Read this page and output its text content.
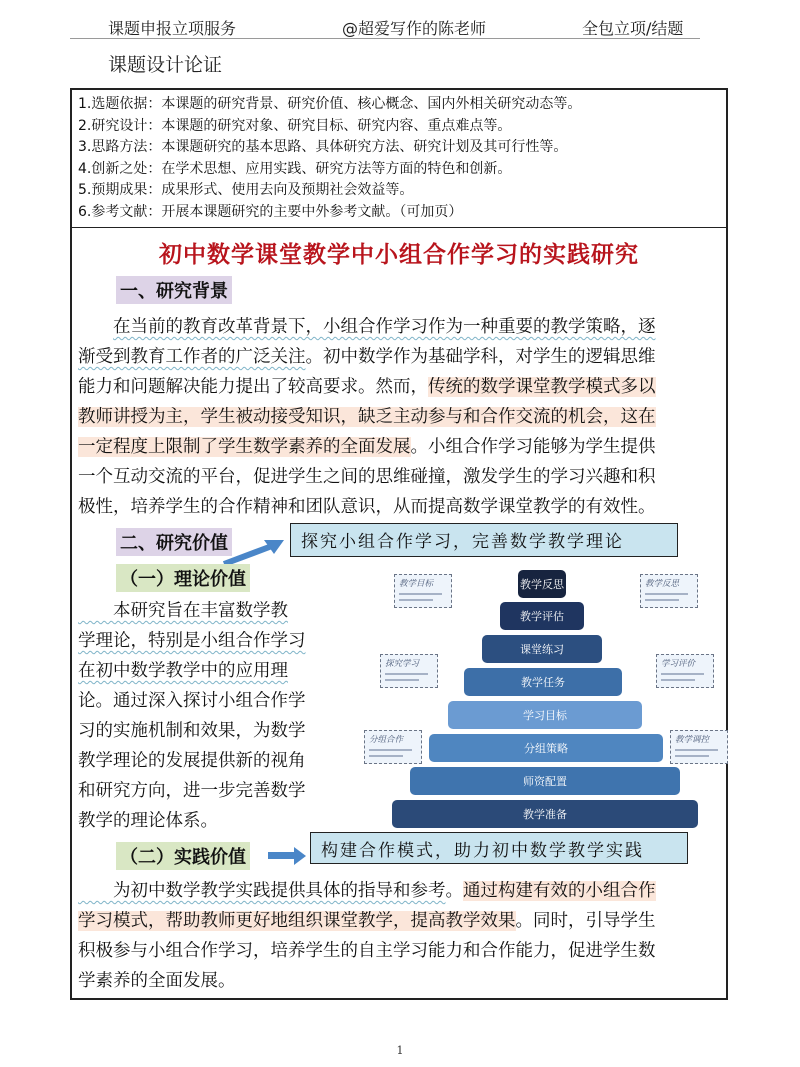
课题申报立项服务	@超爱写作的陈老师	全包立项/结题
课题设计论证
1.选题依据：本课题的研究背景、研究价值、核心概念、国内外相关研究动态等。
2.研究设计：本课题的研究对象、研究目标、研究内容、重点难点等。
3.思路方法：本课题研究的基本思路、具体研究方法、研究计划及其可行性等。
4.创新之处：在学术思想、应用实践、研究方法等方面的特色和创新。
5.预期成果：成果形式、使用去向及预期社会效益等。
6.参考文献：开展本课题研究的主要中外参考文献。（可加页）
初中数学课堂教学中小组合作学习的实践研究
一、研究背景

　　在当前的教育改革背景下，小组合作学习作为一种重要的教学策略，逐

渐受到教育工作者的广泛关注。初中数学作为基础学科，对学生的逻辑思维

能力和问题解决能力提出了较高要求。然而，传统的数学课堂教学模式多以

教师讲授为主，学生被动接受知识，缺乏主动参与和合作交流的机会，这在

一定程度上限制了学生数学素养的全面发展。小组合作学习能够为学生提供

一个互动交流的平台，促进学生之间的思维碰撞，激发学生的学习兴趣和积

极性，培养学生的合作精神和团队意识，从而提高数学课堂教学的有效性。

二、研究价值	探究小组合作学习，完善数学教学理论
（一）理论价值

　　本研究旨在丰富数学教

学理论，特别是小组合作学习

在初中数学教学中的应用理

论。通过深入探讨小组合作学

习的实施机制和效果，为数学

教学理论的发展提供新的视角

和研究方向，进一步完善数学

教学的理论体系。

教学反思
教学评估
课堂练习
教学任务
学习目标
分组策略
师资配置
教学准备
教学目标	教学反思
探究学习	学习评价
分组合作	教学调控
（二）实践价值	构建合作模式，助力初中数学教学实践

　　为初中数学教学实践提供具体的指导和参考。通过构建有效的小组合作

学习模式，帮助教师更好地组织课堂教学，提高教学效果。同时，引导学生

积极参与小组合作学习，培养学生的自主学习能力和合作能力，促进学生数

学素养的全面发展。

1
